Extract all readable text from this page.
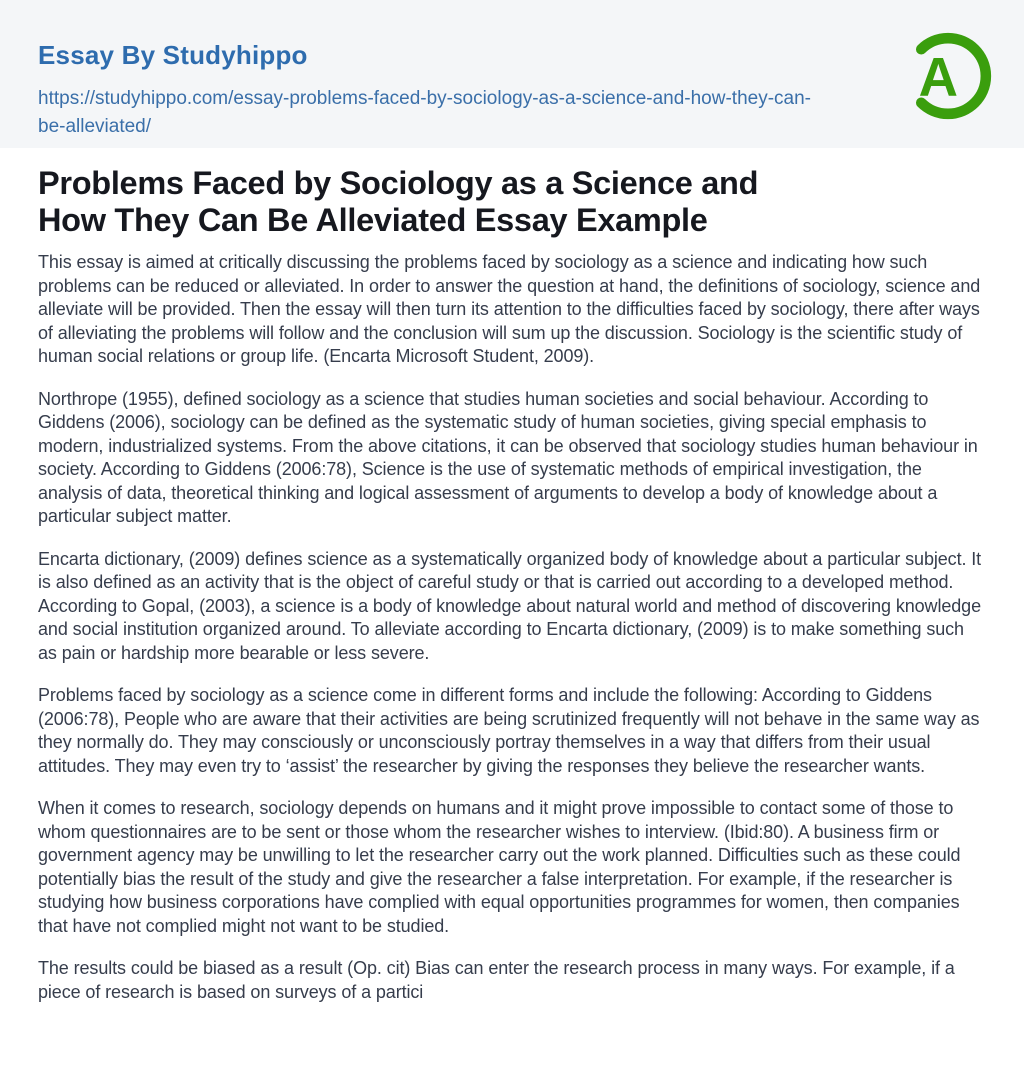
Essay By Studyhippo
https://studyhippo.com/essay-problems-faced-by-sociology-as-a-science-and-how-they-can-be-alleviated/
A
Problems Faced by Sociology as a Science and
How They Can Be Alleviated Essay Example

This essay is aimed at critically discussing the problems faced by sociology as a science and indicating how such problems can be reduced or alleviated. In order to answer the question at hand, the definitions of sociology, science and alleviate will be provided. Then the essay will then turn its attention to the difficulties faced by sociology, there after ways of alleviating the problems will follow and the conclusion will sum up the discussion. Sociology is the scientific study of human social relations or group life. (Encarta Microsoft Student, 2009).

Northrope (1955), defined sociology as a science that studies human societies and social behaviour. According to Giddens (2006), sociology can be defined as the systematic study of human societies, giving special emphasis to modern, industrialized systems. From the above citations, it can be observed that sociology studies human behaviour in society. According to Giddens (2006:78), Science is the use of systematic methods of empirical investigation, the analysis of data, theoretical thinking and logical assessment of arguments to develop a body of knowledge about a particular subject matter.

Encarta dictionary, (2009) defines science as a systematically organized body of knowledge about a particular subject. It is also defined as an activity that is the object of careful study or that is carried out according to a developed method. According to Gopal, (2003), a science is a body of knowledge about natural world and method of discovering knowledge and social institution organized around. To alleviate according to Encarta dictionary, (2009) is to make something such as pain or hardship more bearable or less severe.

Problems faced by sociology as a science come in different forms and include the following: According to Giddens (2006:78), People who are aware that their activities are being scrutinized frequently will not behave in the same way as they normally do. They may consciously or unconsciously portray themselves in a way that differs from their usual attitudes. They may even try to ‘assist’ the researcher by giving the responses they believe the researcher wants.

When it comes to research, sociology depends on humans and it might prove impossible to contact some of those to whom questionnaires are to be sent or those whom the researcher wishes to interview. (Ibid:80). A business firm or government agency may be unwilling to let the researcher carry out the work planned. Difficulties such as these could potentially bias the result of the study and give the researcher a false interpretation. For example, if the researcher is studying how business corporations have complied with equal opportunities programmes for women, then companies that have not complied might not want to be studied.

The results could be biased as a result (Op. cit) Bias can enter the research process in many ways. For example, if a piece of research is based on surveys of a partici
